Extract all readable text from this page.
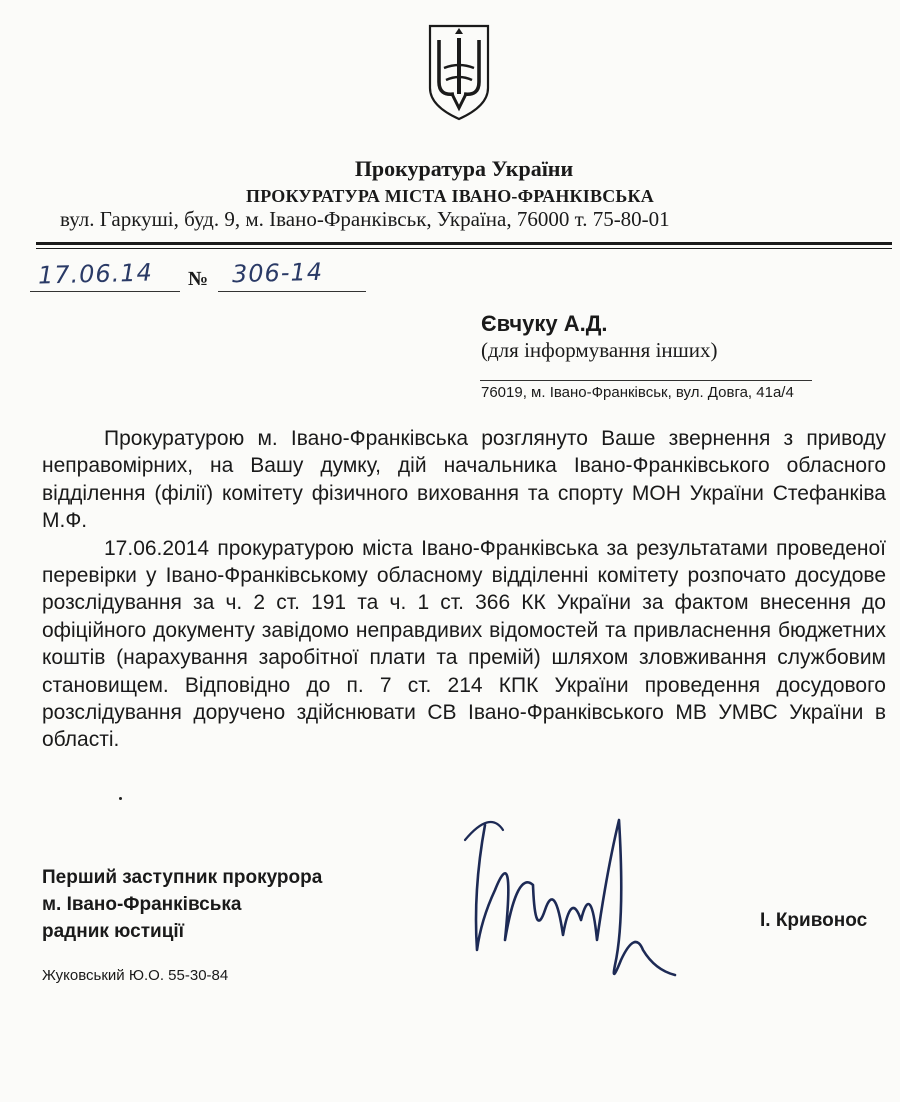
Прокуратура України
ПРОКУРАТУРА МІСТА ІВАНО-ФРАНКІВСЬКА
вул. Гаркуші, буд. 9, м. Івано-Франківськ, Україна, 76000 т. 75-80-01
17.06.14 № 306-14
Євчуку А.Д.
(для інформування інших)
76019, м. Івано-Франківськ, вул. Довга, 41а/4

Прокуратурою м. Івано-Франківська розглянуто Ваше звернення з приводу неправомірних, на Вашу думку, дій начальника Івано-Франківського обласного відділення (філії) комітету фізичного виховання та спорту МОН України Стефанківа М.Ф.

17.06.2014 прокуратурою міста Івано-Франківська за результатами проведеної перевірки у Івано-Франківському обласному відділенні комітету розпочато досудове розслідування за ч. 2 ст. 191 та ч. 1 ст. 366 КК України за фактом внесення до офіційного документу завідомо неправдивих відомостей та привласнення бюджетних коштів (нарахування заробітної плати та премій) шляхом зловживання службовим становищем. Відповідно до п. 7 ст. 214 КПК України проведення досудового розслідування доручено здійснювати СВ Івано-Франківського МВ УМВС України в області.

Перший заступник прокурора
м. Івано-Франківська
радник юстиції
І. Кривонос
Жуковський Ю.О. 55-30-84
